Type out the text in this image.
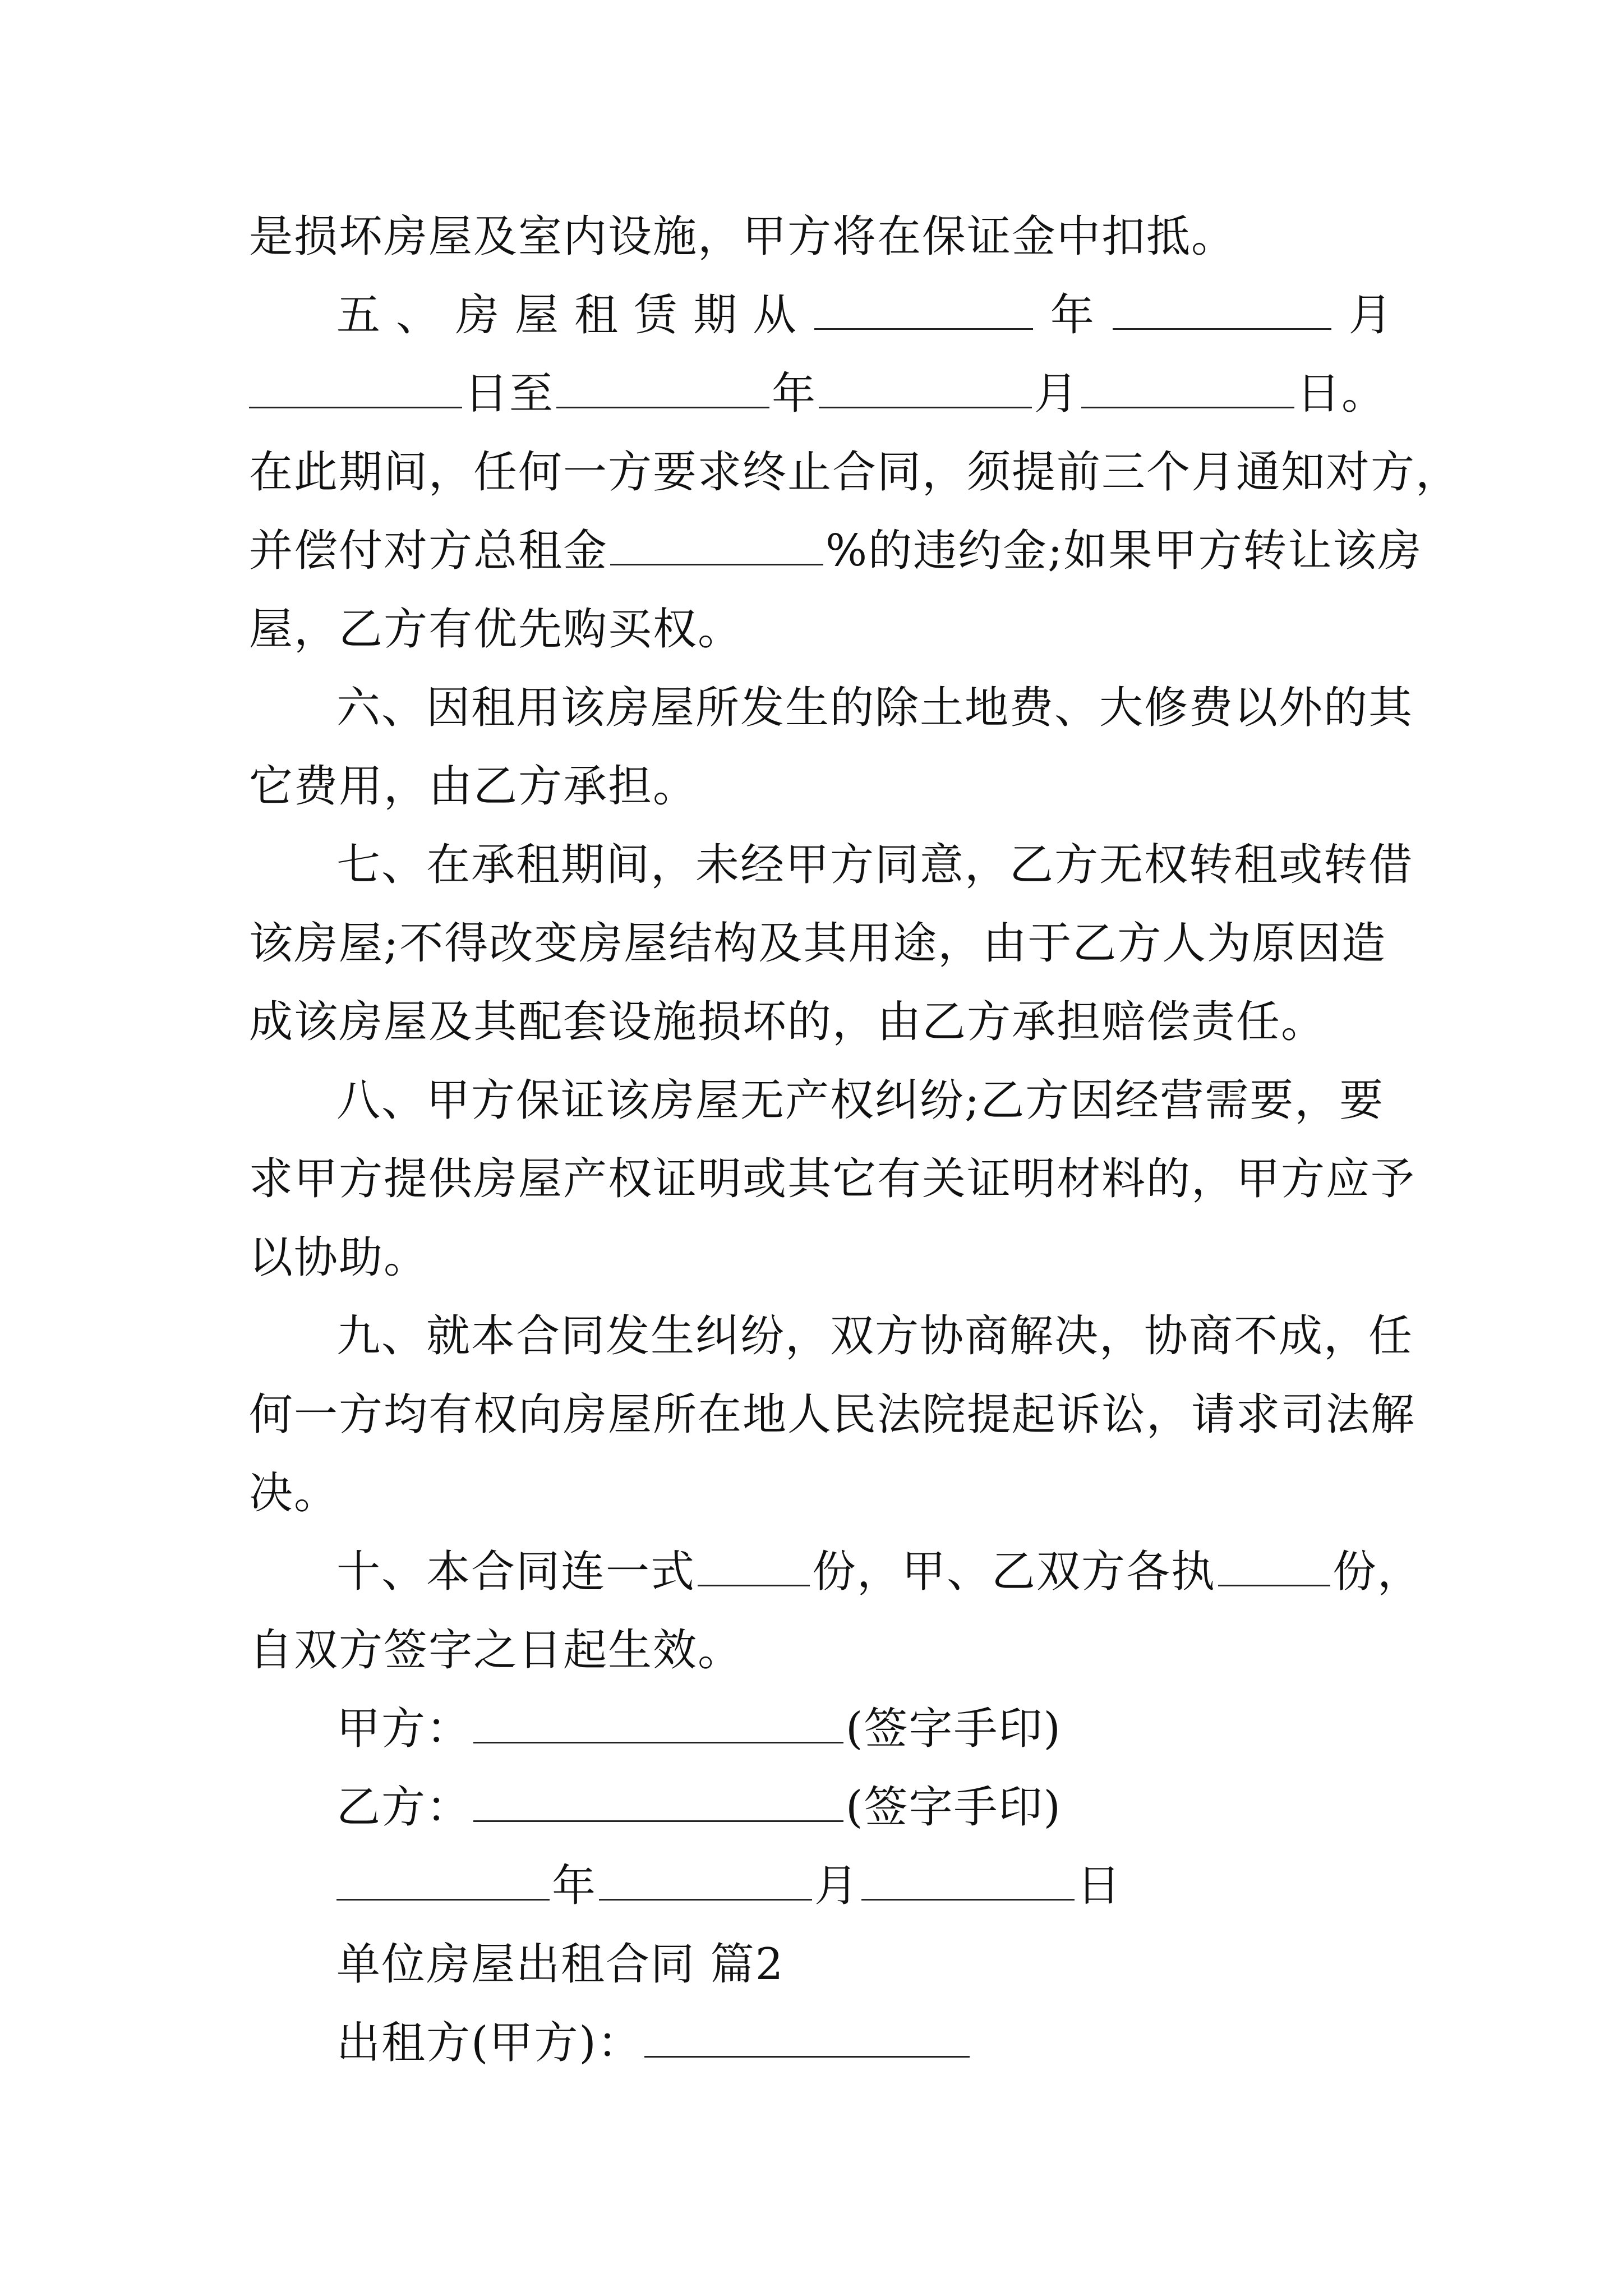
是损坏房屋及室内设施，甲方将在保证金中扣抵。
五、房屋租赁期从	年	月
日至	年	月	日。
在此期间，任何一方要求终止合同，须提前三个月通知对方，
并偿付对方总租金	%的违约金;如果甲方转让该房
屋，乙方有优先购买权。
六、因租用该房屋所发生的除土地费、大修费以外的其
它费用，由乙方承担。
七、在承租期间，未经甲方同意，乙方无权转租或转借
该房屋;不得改变房屋结构及其用途，由于乙方人为原因造
成该房屋及其配套设施损坏的，由乙方承担赔偿责任。
八、甲方保证该房屋无产权纠纷;乙方因经营需要，要
求甲方提供房屋产权证明或其它有关证明材料的，甲方应予
以协助。
九、就本合同发生纠纷，双方协商解决，协商不成，任
何一方均有权向房屋所在地人民法院提起诉讼，请求司法解
决。
十、本合同连一式	份，甲、乙双方各执	份，
自双方签字之日起生效。
甲方：	(签字手印)
乙方：	(签字手印)
年	月	日
单位房屋出租合同 篇2
出租方(甲方)：
